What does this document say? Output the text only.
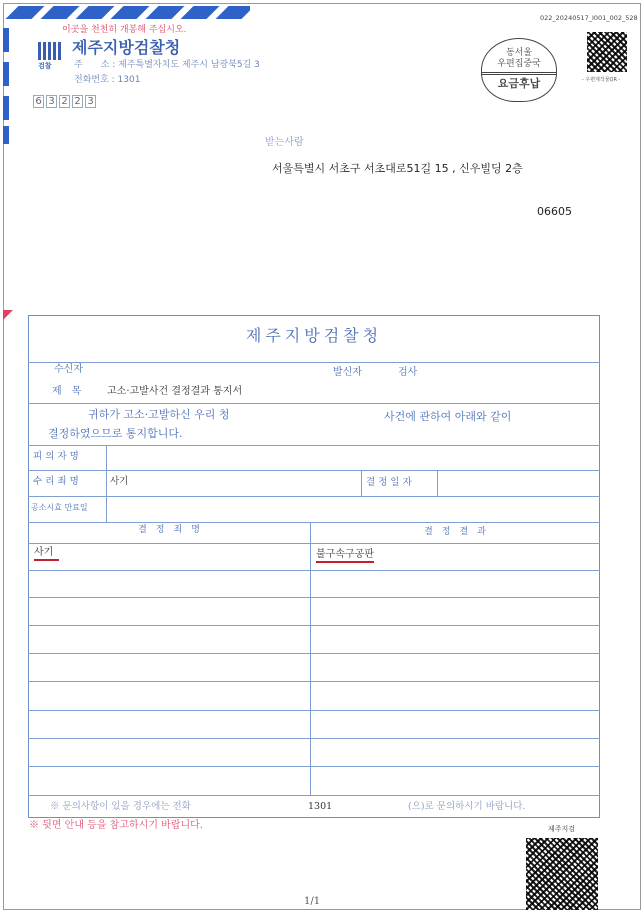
이곳을 천천히 개봉해 주십시오.
검찰
제주지방검찰청
주　　소 : 제주특별자치도 제주시 남광북5길 3
전화번호 : 1301
6 3 2 2 3
022_20240517_I001_002_528
동서울
우편집중국
요금후납	- 우편제작물QR -
받는사람
서울특별시 서초구 서초대로51길 15 , 신우빌딩 2층
06605
제주지방검찰청
수신자	발신자	검사
제　목	고소·고발사건 결정결과 통지서
귀하가 고소·고발하신 우리 청	사건에 관하여 아래와 같이
결정하였으므로 통지합니다.
피 의 자 명
수 리 죄 명	사기	결 정 일 자
공소시효 만료일
결　정　죄　명	결　정　결　과
사기	불구속구공판
※ 문의사항이 있을 경우에는 전화	1301	(으)로 문의하시기 바랍니다.
※ 뒷면 안내 등을 참고하시기 바랍니다.	제주지검
1/1
